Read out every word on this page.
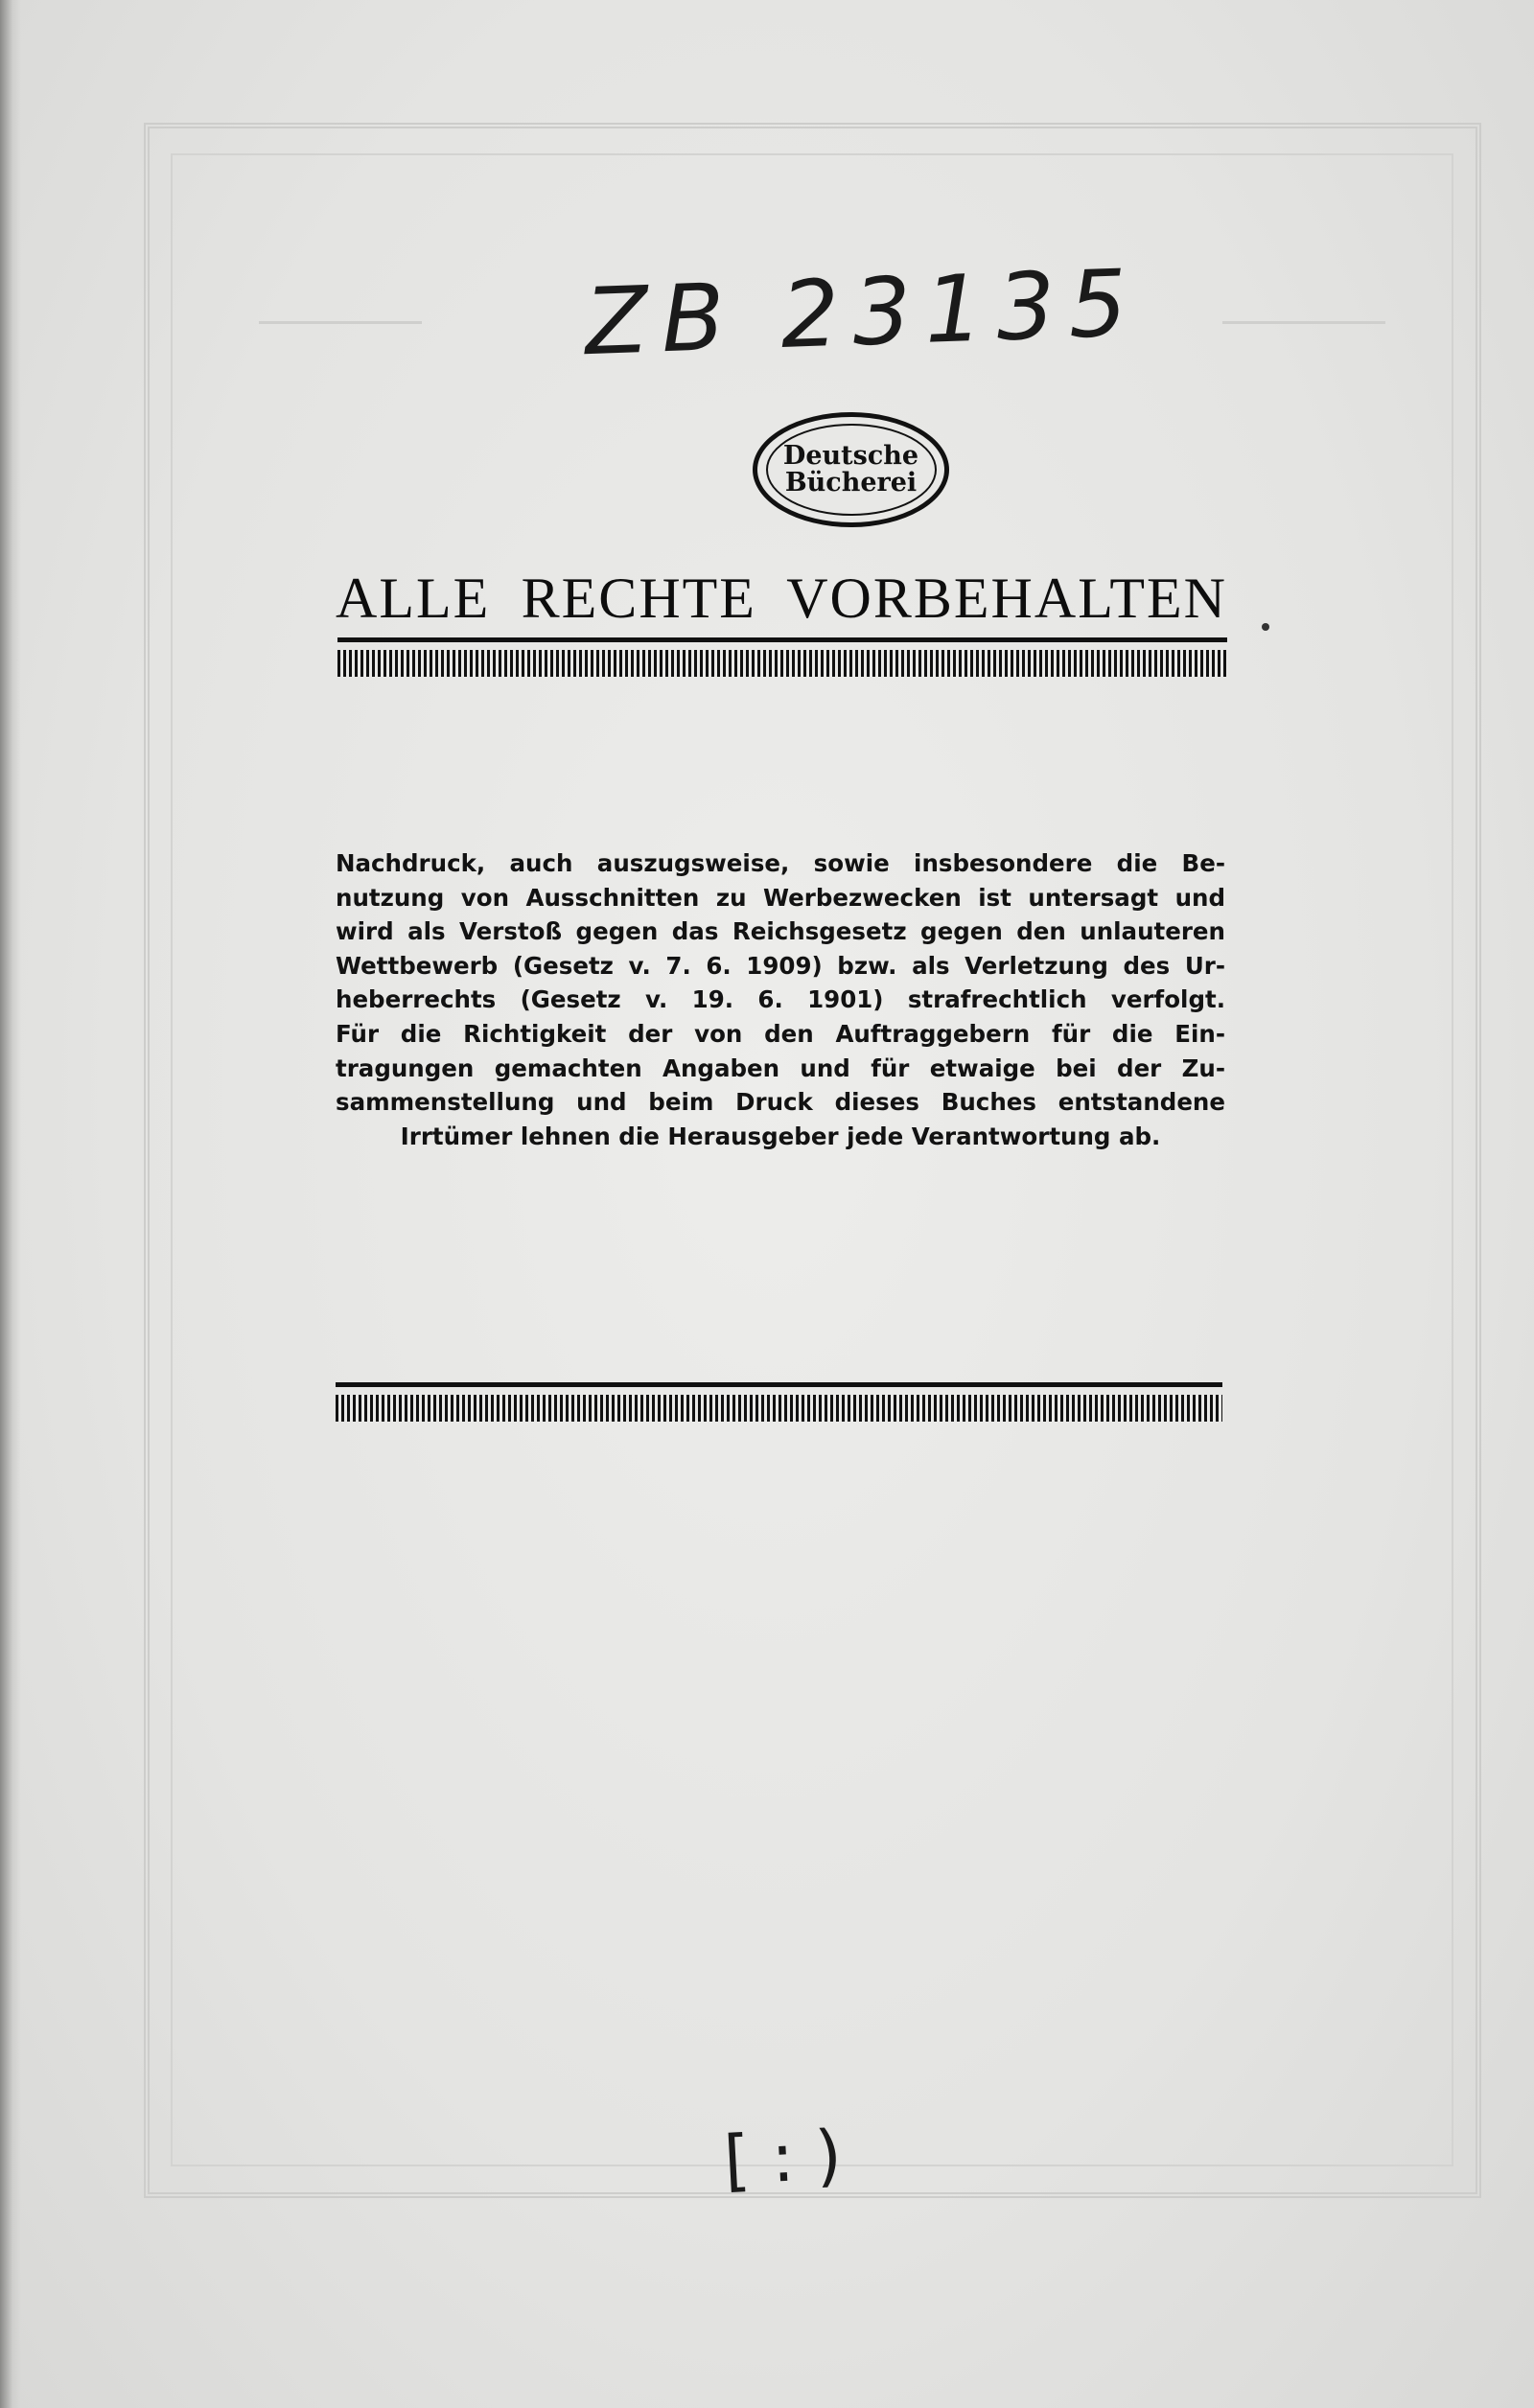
ZB 23135
Deutsche
Bücherei
ALLE RECHTE VORBEHALTEN
Nachdruck, auch auszugsweise, sowie insbesondere die Be-
nutzung von Ausschnitten zu Werbezwecken ist untersagt und
wird als Verstoß gegen das Reichsgesetz gegen den unlauteren
Wettbewerb (Gesetz v. 7. 6. 1909) bzw. als Verletzung des Ur-
heberrechts (Gesetz v. 19. 6. 1901) strafrechtlich verfolgt.
Für die Richtigkeit der von den Auftraggebern für die Ein-
tragungen gemachten Angaben und für etwaige bei der Zu-
sammenstellung und beim Druck dieses Buches entstandene
Irrtümer lehnen die Herausgeber jede Verantwortung ab.
[ : )
